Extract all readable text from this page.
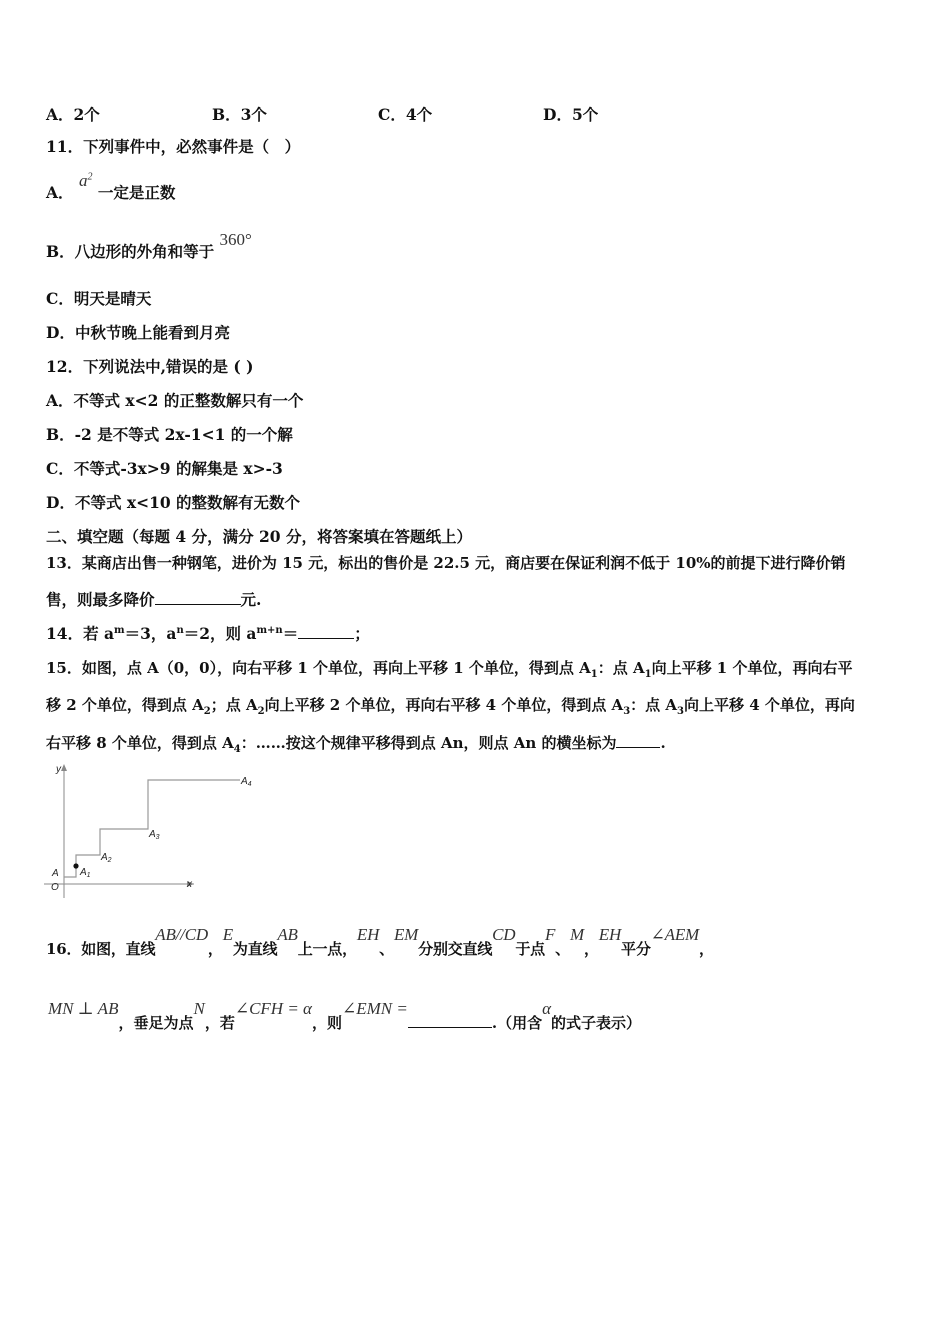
A．2个	B．3个	C．4个	D．5个
11．下列事件中，必然事件是（　）
A． $a^2$ 一定是正数
B．八边形的外角和等于 360°
C．明天是晴天
D．中秋节晚上能看到月亮
12．下列说法中,错误的是 ( )
A．不等式 x<2 的正整数解只有一个
B．-2 是不等式 2x-1<1 的一个解
C．不等式-3x>9 的解集是 x>-3
D．不等式 x<10 的整数解有无数个
二、填空题（每题 4 分，满分 20 分，将答案填在答题纸上）
13．某商店出售一种钢笔，进价为 15 元，标出的售价是 22.5 元，商店要在保证利润不低于 10%的前提下进行降价销
售，则最多降价	元.
14．若 $a^m=3$，$a^n=2$，则 $a^{m+n}=$	；
15．如图，点 A（0，0），向右平移 1 个单位，再向上平移 1 个单位，得到点 $A_1$：点 $A_1$向上平移 1 个单位，再向右平
移 2 个单位，得到点 $A_2$；点 $A_2$向上平移 2 个单位，再向右平移 4 个单位，得到点 $A_3$：点 $A_3$向上平移 4 个单位，再向
右平移 8 个单位，得到点 $A_4$：……按这个规律平移得到点 An，则点 An 的横坐标为	.
y
x
O
A $A_1$
$A_2$
$A_3$
$A_4$
16．如图，直线AB//CD，E为直线AB上一点，EH、EM分别交直线CD于点F、M，EH平分∠AEM，
MN ⊥ AB，垂足为点N，若∠CFH = α，则∠EMN =.（用含α的式子表示）
